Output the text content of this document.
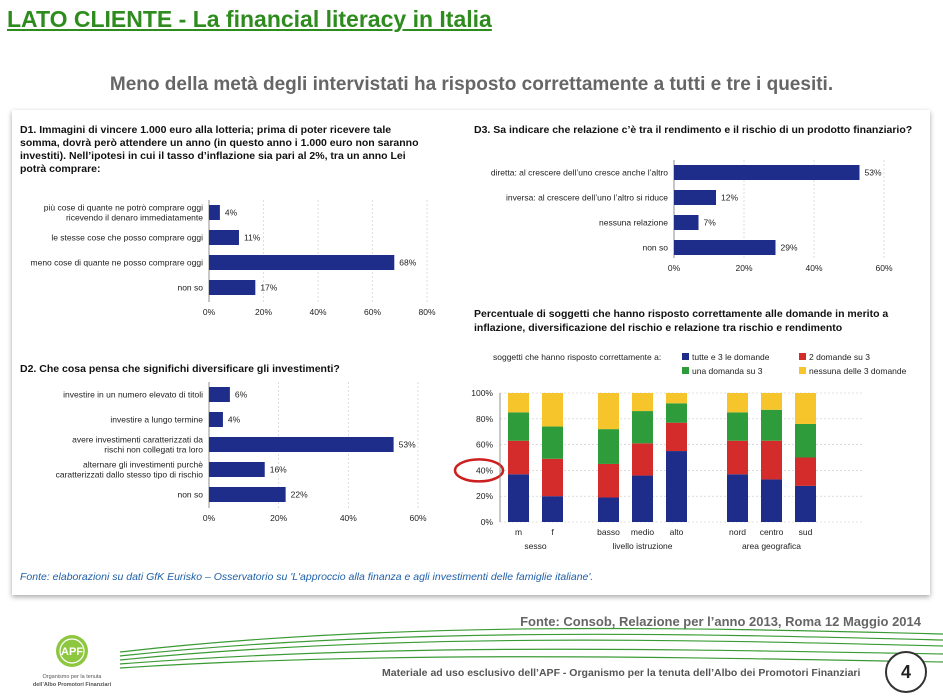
LATO CLIENTE - La financial literacy in Italia
Meno della metà degli intervistati ha risposto correttamente a tutti e tre i quesiti.
D1. Immagini di vincere 1.000 euro alla lotteria; prima di poter ricevere tale
somma, dovrà però attendere un anno (in questo anno i 1.000 euro non saranno
investiti). Nell’ipotesi in cui il tasso d’inflazione sia pari al 2%, tra un anno Lei
potrà comprare:
0%	20%	40%	60%	80%
4%
più cose di quante ne potrò comprare oggi
ricevendo il denaro immediatamente
11%
le stesse cose che posso comprare oggi
68%
meno cose di quante ne posso comprare oggi
17%
non so
D2. Che cosa pensa che significhi diversificare gli investimenti?
0%	20%	40%	60%
6%
investire in un numero elevato di titoli
4%
investire a lungo termine
53%
avere investimenti caratterizzati da
rischi non collegati tra loro
16%
alternare gli investimenti purchè
caratterizzati dallo stesso tipo di rischio
22%
non so
D3. Sa indicare che relazione c’è tra il rendimento e il rischio di un prodotto finanziario?
0%	20%	40%	60%
53%
diretta: al crescere dell’uno cresce anche l’altro
12%
inversa: al crescere dell’uno l’altro si riduce
7%
nessuna relazione
29%
non so
Percentuale di soggetti che hanno risposto correttamente alle domande in merito a
inflazione, diversificazione del rischio e relazione tra rischio e rendimento
soggetti che hanno risposto correttamente a:	tutte e 3 le domande	2 domande su 3
una domanda su 3	nessuna delle 3 domande
0%
20%
40%
60%
80%
100%
m	f
sesso
basso medio alto
livello istruzione
nord centro sud
area geografica
Fonte: elaborazioni su dati GfK Eurisko – Osservatorio su 'L'approccio alla finanza e agli investimenti delle famiglie italiane'.
Fonte: Consob, Relazione per l’anno 2013, Roma 12 Maggio 2014
APF
Organismo per la tenuta
dell’Albo Promotori Finanziari
Materiale ad uso esclusivo dell’APF - Organismo per la tenuta dell’Albo dei Promotori Finanziari	4
